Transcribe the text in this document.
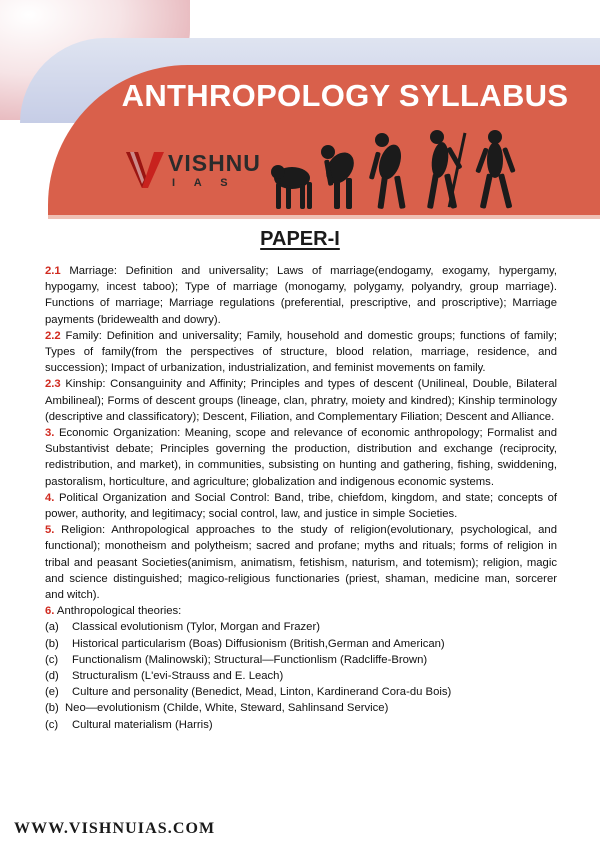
ANTHROPOLOGY SYLLABUS
VISHNU
I A S
PAPER-I

2.1 Marriage: Definition and universality; Laws of marriage(endogamy, exogamy, hypergamy, hypogamy, incest taboo); Type of marriage (monogamy, polygamy, polyandry, group marriage). Functions of marriage; Marriage regulations (preferential, prescriptive, and proscriptive); Marriage payments (bridewealth and dowry).

2.2 Family: Definition and universality; Family, household and domestic groups; functions of family; Types of family(from the perspectives of structure, blood relation, marriage, residence, and succession); Impact of urbanization, industrialization, and feminist movements on family.

2.3 Kinship: Consanguinity and Affinity; Principles and types of descent (Unilineal, Double, Bilateral Ambilineal); Forms of descent groups (lineage, clan, phratry, moiety and kindred); Kinship terminology (descriptive and classificatory); Descent, Filiation, and Complementary Filiation; Descent and Alliance.

3. Economic Organization: Meaning, scope and relevance of economic anthropology; Formalist and Substantivist debate; Principles governing the production, distribution and exchange (reciprocity, redistribution, and market), in communities, subsisting on hunting and gathering, fishing, swiddening, pastoralism, horticulture, and agriculture; globalization and indigenous economic systems.

4. Political Organization and Social Control: Band, tribe, chiefdom, kingdom, and state; concepts of power, authority, and legitimacy; social control, law, and justice in simple Societies.

5. Religion: Anthropological approaches to the study of religion(evolutionary, psychological, and functional); monotheism and polytheism; sacred and profane; myths and rituals; forms of religion in tribal and peasant Societies(animism, animatism, fetishism, naturism, and totemism); religion, magic and science distinguished; magico-religious functionaries (priest, shaman, medicine man, sorcerer and witch).

6. Anthropological theories:

(a)	Classical evolutionism (Tylor, Morgan and Frazer)
(b)	Historical particularism (Boas) Diffusionism (British,German and American)
(c)	Functionalism (Malinowski); Structural—Functionlism (Radcliffe-Brown)
(d)	Structuralism (L'evi-Strauss and E. Leach)
(e)	Culture and personality (Benedict, Mead, Linton, Kardinerand Cora-du Bois)
(b) Neo—evolutionism (Childe, White, Steward, Sahlinsand Service)
(c)	Cultural materialism (Harris)
WWW.VISHNUIAS.COM
